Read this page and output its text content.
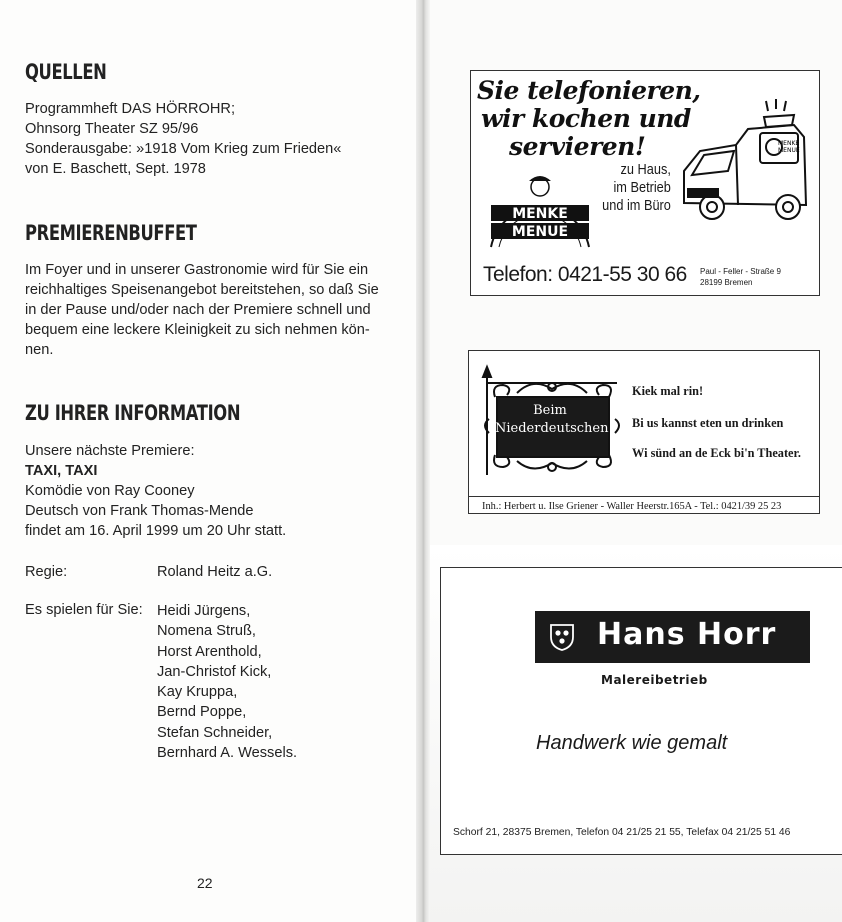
QUELLEN
Programmheft DAS HÖRROHR;
Ohnsorg Theater SZ 95/96
Sonderausgabe: »1918 Vom Krieg zum Frieden«
von E. Baschett, Sept. 1978
PREMIERENBUFFET
Im Foyer und in unserer Gastronomie wird für Sie ein
reichhaltiges Speisenangebot bereitstehen, so daß Sie
in der Pause und/oder nach der Premiere schnell und
bequem eine leckere Kleinigkeit zu sich nehmen kön-
nen.
ZU IHRER INFORMATION
Unsere nächste Premiere:
TAXI, TAXI
Komödie von Ray Cooney
Deutsch von Frank Thomas-Mende
findet am 16. April 1999 um 20 Uhr statt.
Regie:	Roland Heitz a.G.
Es spielen für Sie: Heidi Jürgens,
Nomena Struß,
Horst Arenthold,
Jan-Christof Kick,
Kay Kruppa,
Bernd Poppe,
Stefan Schneider,
Bernhard A. Wessels.
22
Sie telefonieren,
wir kochen und
servieren!	MENKE
MENUE
zu Haus,
im Betrieb
und im Büro
MENKE
MENUE
Telefon: 0421-55 30 66 Paul - Feller - Straße 9
28199 Bremen
Beim
Niederdeutschen
Kiek mal rin!
Bi us kannst eten un drinken
Wi sünd an de Eck bi'n Theater.
Inh.: Herbert u. Ilse Griener - Waller Heerstr.165A - Tel.: 0421/39 25 23
Hans Horr
Malereibetrieb
Handwerk wie gemalt
Schorf 21, 28375 Bremen, Telefon 04 21/25 21 55, Telefax 04 21/25 51 46
